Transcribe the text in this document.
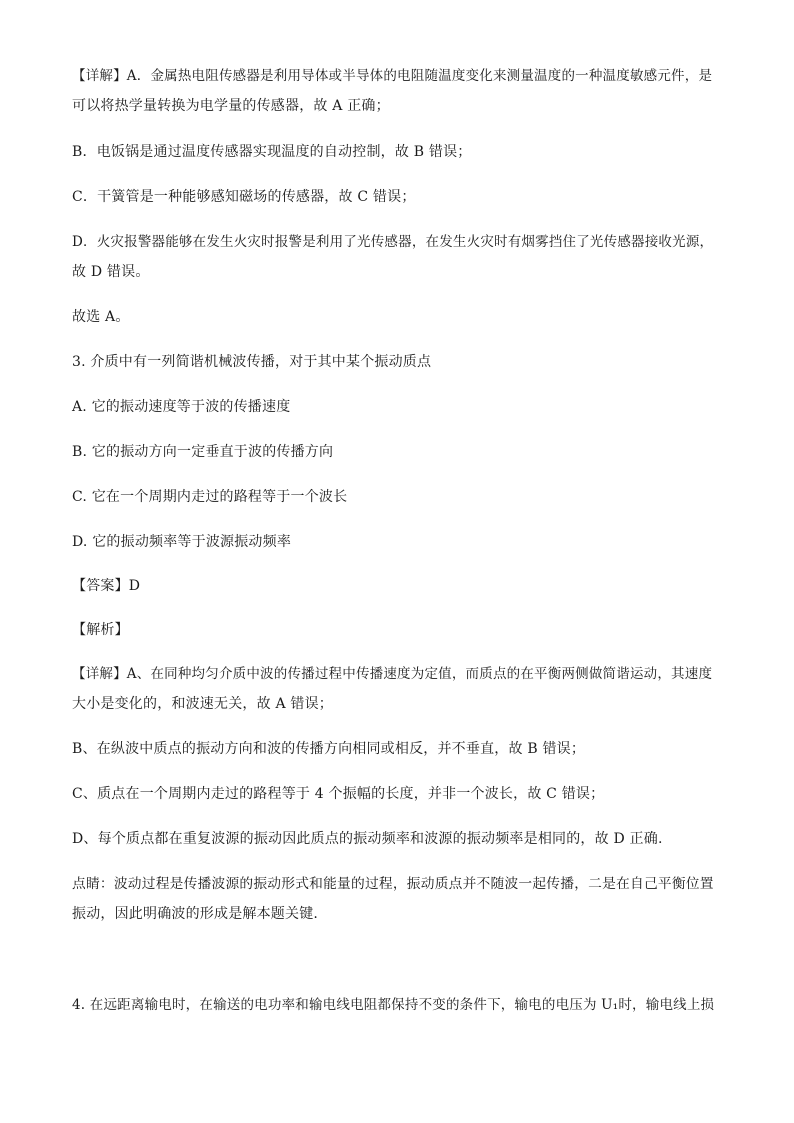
【详解】A．金属热电阻传感器是利用导体或半导体的电阻随温度变化来测量温度的一种温度敏感元件，是
可以将热学量转换为电学量的传感器，故 A 正确；
B．电饭锅是通过温度传感器实现温度的自动控制，故 B 错误；
C．干簧管是一种能够感知磁场的传感器，故 C 错误；
D．火灾报警器能够在发生火灾时报警是利用了光传感器，在发生火灾时有烟雾挡住了光传感器接收光源，
故 D 错误。
故选 A。
3. 介质中有一列简谐机械波传播，对于其中某个振动质点
A. 它的振动速度等于波的传播速度
B. 它的振动方向一定垂直于波的传播方向
C. 它在一个周期内走过的路程等于一个波长
D. 它的振动频率等于波源振动频率
【答案】D
【解析】
【详解】A、在同种均匀介质中波的传播过程中传播速度为定值，而质点的在平衡两侧做简谐运动，其速度
大小是变化的，和波速无关，故 A 错误；
B、在纵波中质点的振动方向和波的传播方向相同或相反，并不垂直，故 B 错误；
C、质点在一个周期内走过的路程等于 4 个振幅的长度，并非一个波长，故 C 错误；
D、每个质点都在重复波源的振动因此质点的振动频率和波源的振动频率是相同的，故 D 正确.
点睛：波动过程是传播波源的振动形式和能量的过程，振动质点并不随波一起传播，二是在自己平衡位置
振动，因此明确波的形成是解本题关键.
4. 在远距离输电时，在输送的电功率和输电线电阻都保持不变的条件下，输电的电压为 U₁时，输电线上损
